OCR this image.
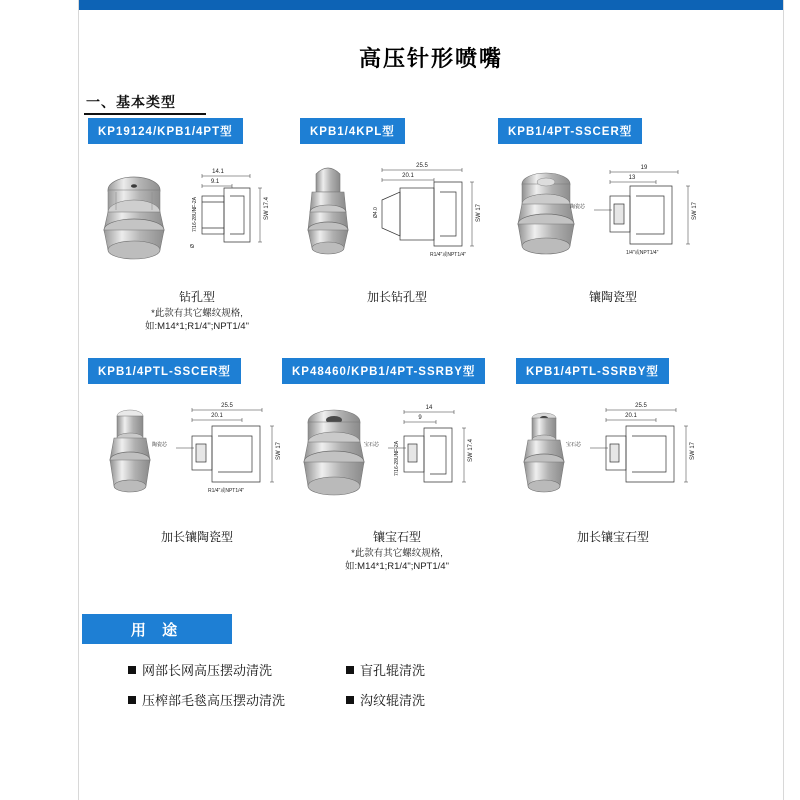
高压针形喷嘴
一、基本类型
KP19124/KPB1/4PT型
14.1
9.1
7/16-28UNF-2A
Ø
SW 17.4
钻孔型
*此款有其它螺纹规格,
如:M14*1;R1/4";NPT1/4"
KPB1/4KPL型
25.5
20.1
Ø4.0
R1/4"或NPT1/4"
SW 17
加长钻孔型
KPB1/4PT-SSCER型
19
13
陶瓷芯
1/4"或NPT1/4"
SW 17
镶陶瓷型
KPB1/4PTL-SSCER型
25.5
20.1
陶瓷芯
R1/4"或NPT1/4"
SW 17
加长镶陶瓷型
KP48460/KPB1/4PT-SSRBY型
14
9
宝石芯	7/16-28UNF-2A	SW 17.4
镶宝石型
*此款有其它螺纹规格,
如:M14*1;R1/4";NPT1/4"
KPB1/4PTL-SSRBY型
25.5
20.1
宝石芯	SW 17
加长镶宝石型
用 途
网部长网高压摆动清洗
压榨部毛毯高压摆动清洗
盲孔辊清洗
沟纹辊清洗
